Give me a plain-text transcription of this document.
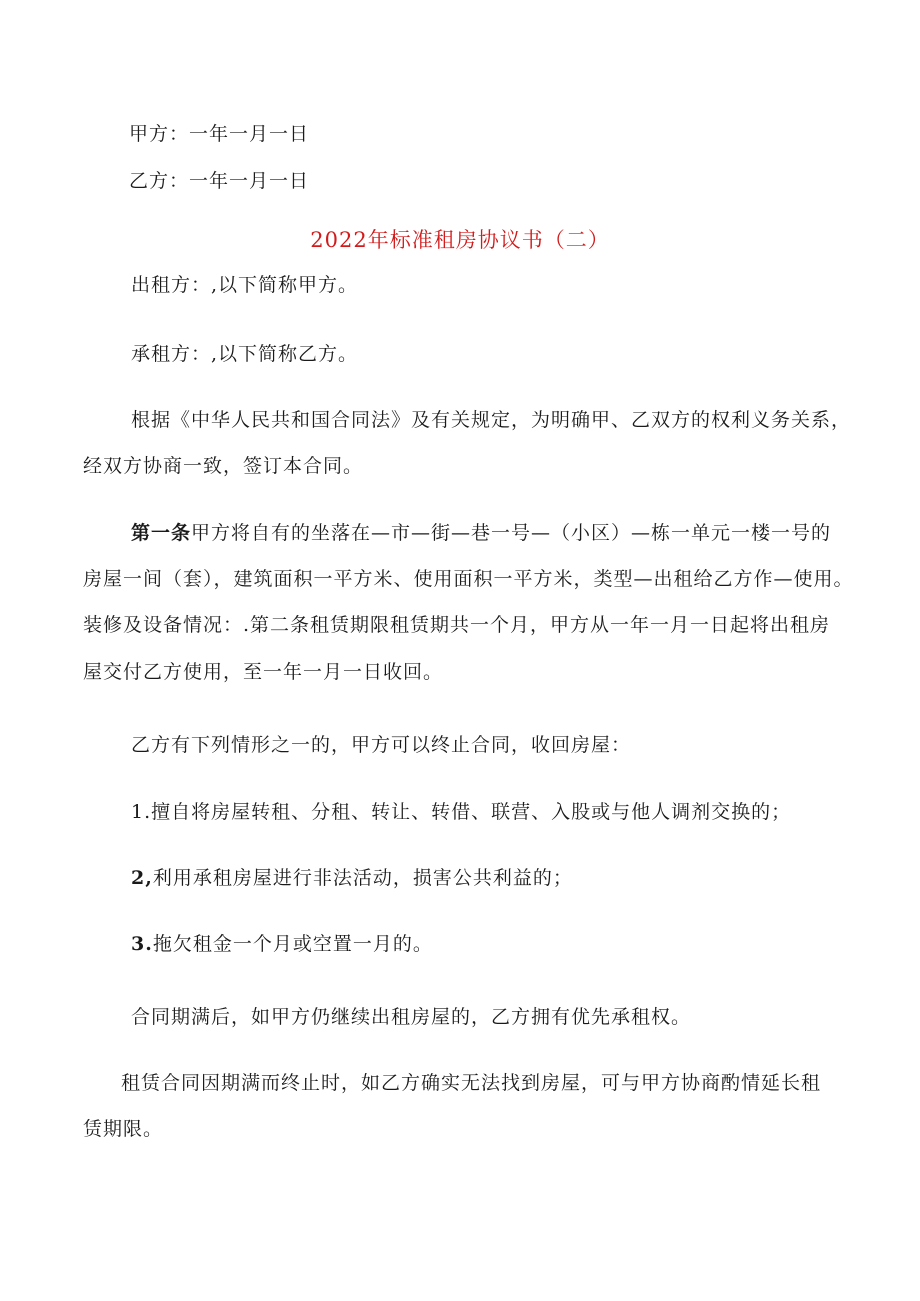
甲方：一年一月一日
乙方：一年一月一日
2022年标准租房协议书（二）
出租方：,以下简称甲方。
承租方：,以下简称乙方。
根据《中华人民共和国合同法》及有关规定，为明确甲、乙双方的权利义务关系，
经双方协商一致，签订本合同。
第一条甲方将自有的坐落在—市—街—巷一号—（小区）—栋一单元一楼一号的
房屋一间（套），建筑面积一平方米、使用面积一平方米，类型—出租给乙方作—使用。
装修及设备情况：.第二条租赁期限租赁期共一个月，甲方从一年一月一日起将出租房
屋交付乙方使用，至一年一月一日收回。
乙方有下列情形之一的，甲方可以终止合同，收回房屋：
1.擅自将房屋转租、分租、转让、转借、联营、入股或与他人调剂交换的；
2,利用承租房屋进行非法活动，损害公共利益的；
3.拖欠租金一个月或空置一月的。
合同期满后，如甲方仍继续出租房屋的，乙方拥有优先承租权。
租赁合同因期满而终止时，如乙方确实无法找到房屋，可与甲方协商酌情延长租
赁期限。
